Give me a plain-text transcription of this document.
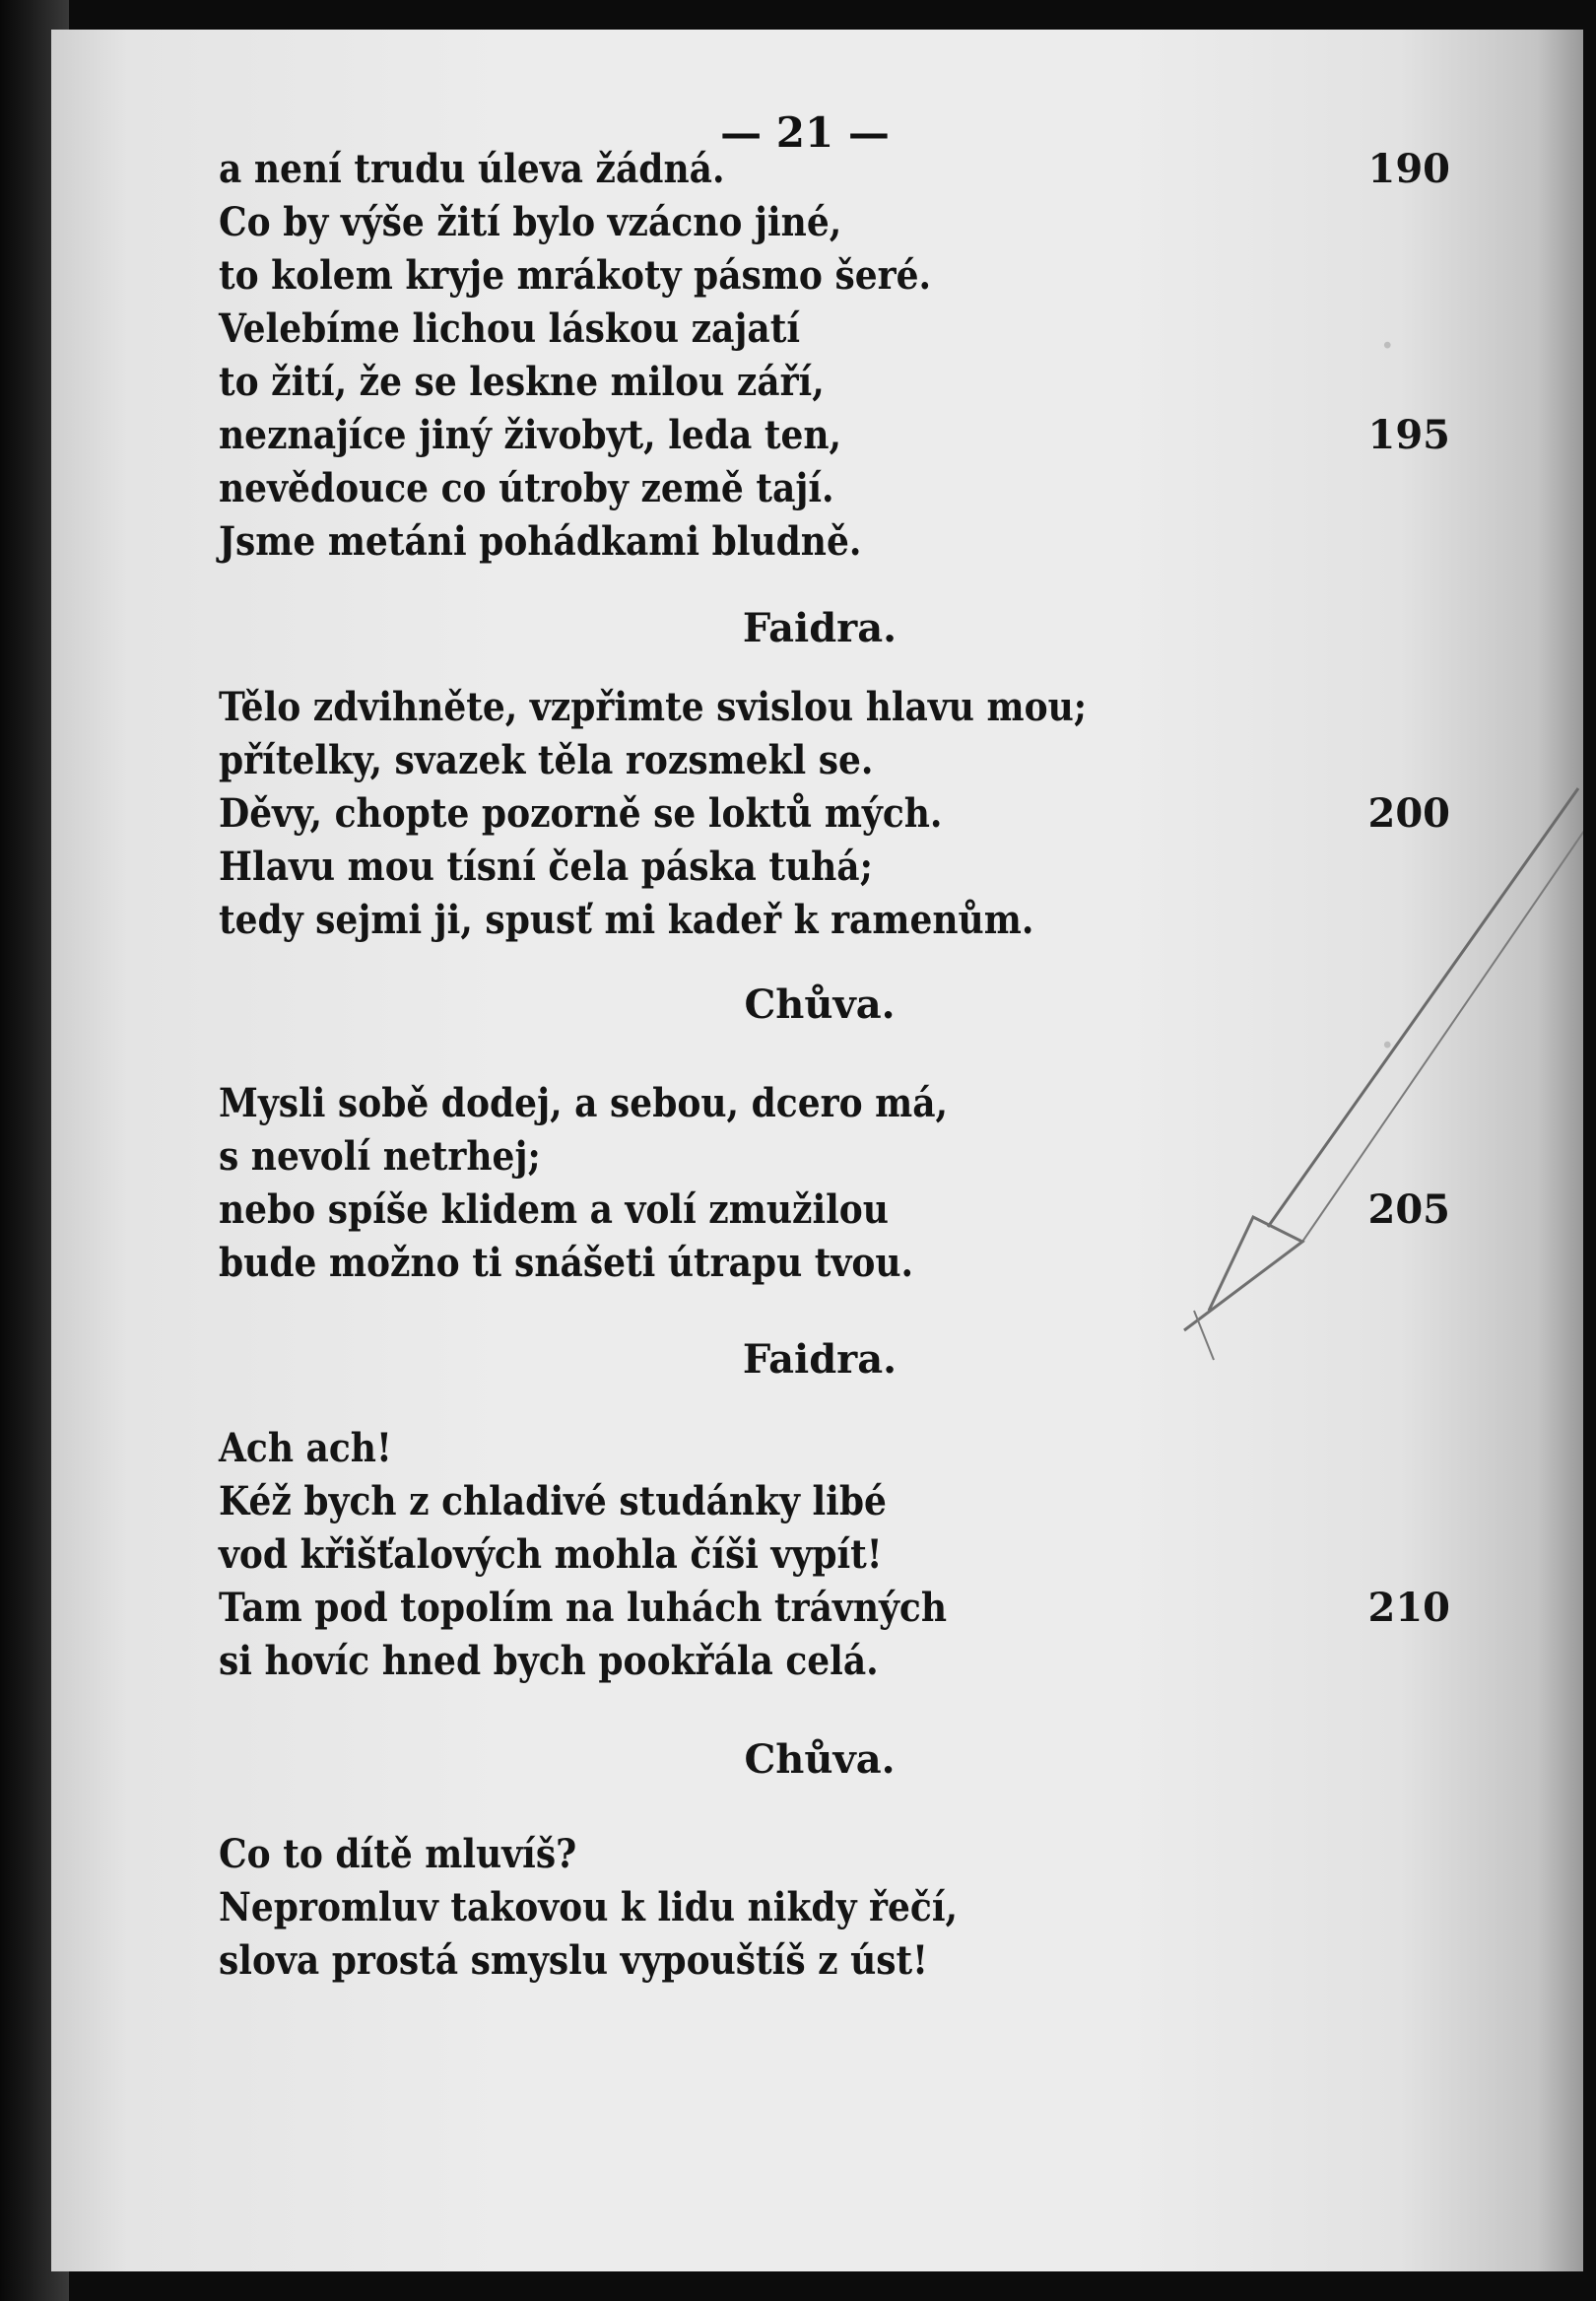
— 21 —
·
·

a není trudu úleva žádná.	190

Co by výše žití bylo vzácno jiné,

to kolem kryje mrákoty pásmo šeré.

Velebíme lichou láskou zajatí

to žití, že se leskne milou září,

neznajíce jiný živobyt, leda ten,	195

nevědouce co útroby země tají.

Jsme metáni pohádkami bludně.

Faidra.

Tělo zdvihněte, vzpřimte svislou hlavu mou;

přítelky, svazek těla rozsmekl se.

Děvy, chopte pozorně se loktů mých.	200

Hlavu mou tísní čela páska tuhá;

tedy sejmi ji, spusť mi kadeř k ramenům.

Chůva.

Mysli sobě dodej, a sebou, dcero má,

s nevolí netrhej;

nebo spíše klidem a volí zmužilou	205

bude možno ti snášeti útrapu tvou.

Faidra.

Ach ach!

Kéž bych z chladivé studánky libé

vod křišťalových mohla číši vypít!

Tam pod topolím na luhách trávných	210

si hovíc hned bych pookřála celá.

Chůva.

Co to dítě mluvíš?

Nepromluv takovou k lidu nikdy řečí,

slova prostá smyslu vypouštíš z úst!
